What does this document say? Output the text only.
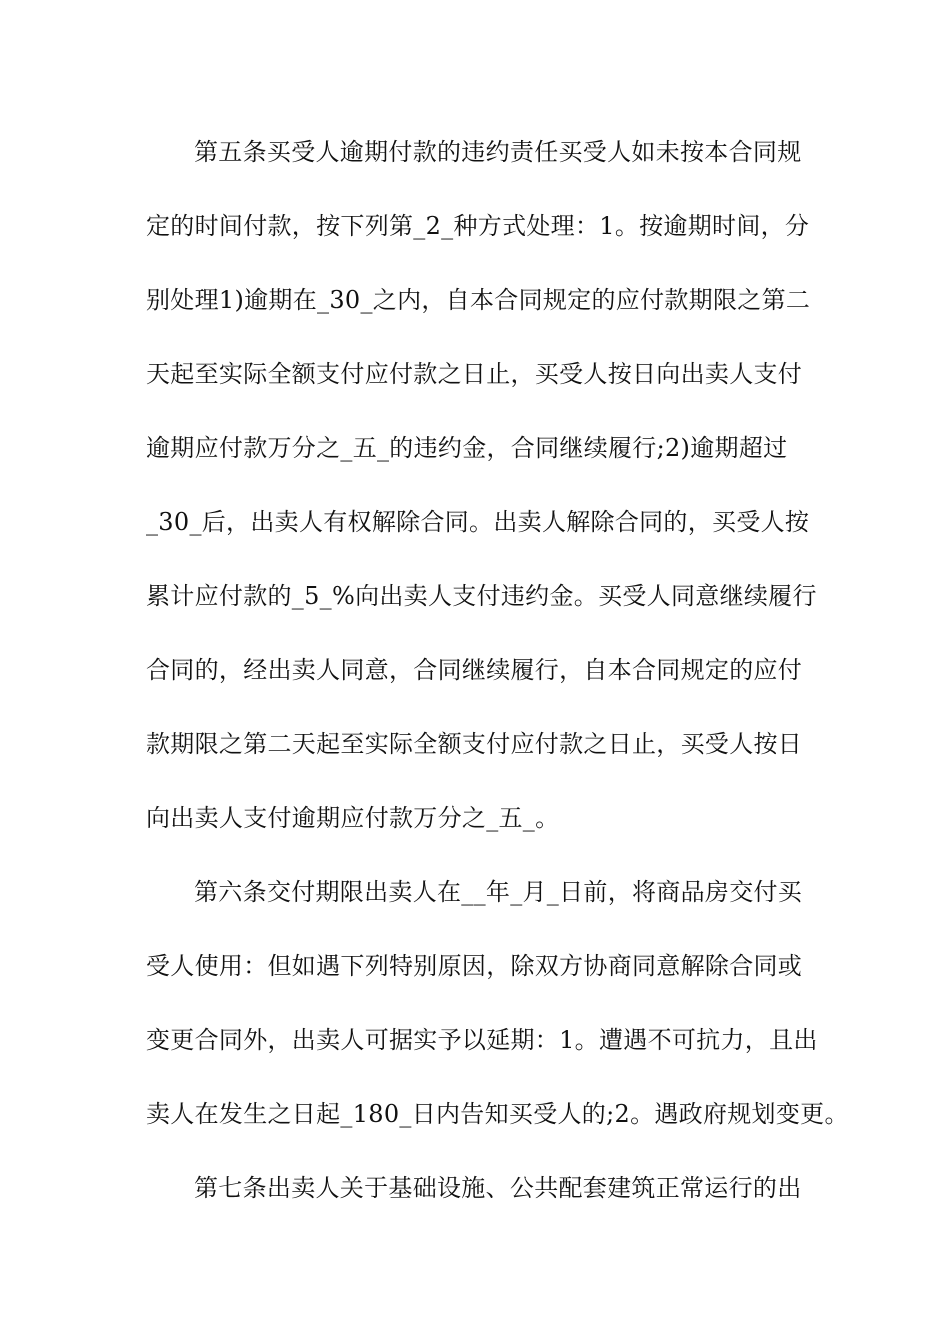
第五条买受人逾期付款的违约责任买受人如未按本合同规
定的时间付款，按下列第_2_种方式处理：1。按逾期时间，分
别处理1)逾期在_30_之内，自本合同规定的应付款期限之第二
天起至实际全额支付应付款之日止，买受人按日向出卖人支付
逾期应付款万分之_五_的违约金，合同继续履行;2)逾期超过
_30_后，出卖人有权解除合同。出卖人解除合同的，买受人按
累计应付款的_5_%向出卖人支付违约金。买受人同意继续履行
合同的，经出卖人同意，合同继续履行，自本合同规定的应付
款期限之第二天起至实际全额支付应付款之日止，买受人按日
向出卖人支付逾期应付款万分之_五_。
第六条交付期限出卖人在__年_月_日前，将商品房交付买
受人使用：但如遇下列特别原因，除双方协商同意解除合同或
变更合同外，出卖人可据实予以延期：1。遭遇不可抗力，且出
卖人在发生之日起_180_日内告知买受人的;2。遇政府规划变更。
第七条出卖人关于基础设施、公共配套建筑正常运行的出
